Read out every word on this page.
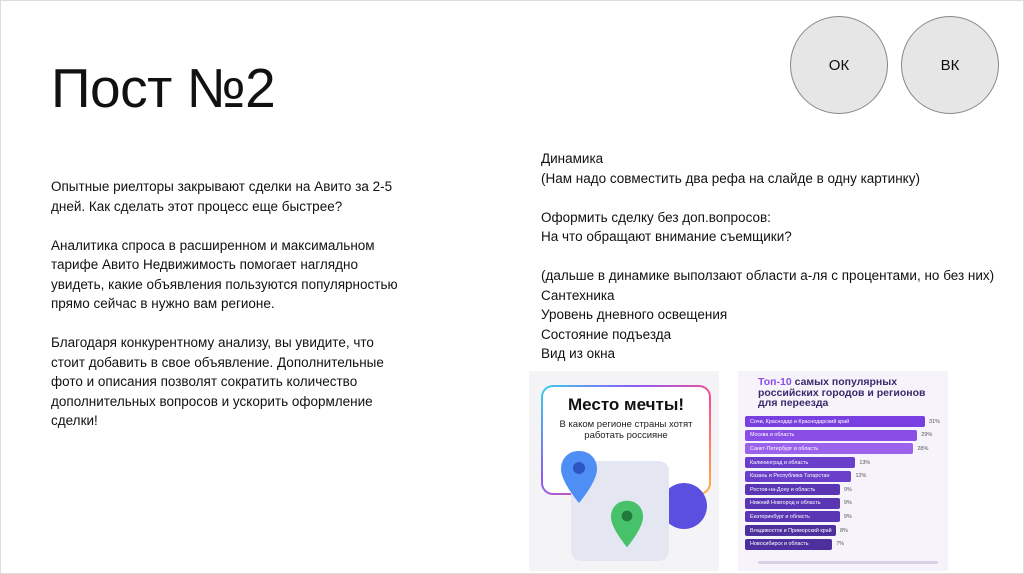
Пост №2	ОК	ВК

Опытные риелторы закрывают сделки на Авито за 2-5 дней. Как сделать этот процесс еще быстрее?

Аналитика спроса в расширенном и максимальном тарифе Авито Недвижимость помогает наглядно увидеть, какие объявления пользуются популярностью прямо сейчас в нужно вам регионе.

Благодаря конкурентному анализу, вы увидите, что стоит добавить в свое объявление. Дополнительные фото и описания позволят сократить количество дополнительных вопросов и ускорить оформление сделки!

Динамика
(Нам надо совместить два рефа на слайде в одну картинку)
Оформить сделку без доп.вопросов:
На что обращают внимание съемщики?
(дальше в динамике выползают области а-ля с процентами, но без них)
Сантехника
Уровень дневного освещения
Состояние подъезда
Вид из окна
Место мечты!
В каком регионе страны хотят работать россияне
Топ-10 самых популярных российских городов и регионов для переезда
Сочи, Краснодар и Краснодарский край	31%
Москва и область	29%
Санкт-Петербург и область	28%
Калининград и область	13%
Казань и Республика Татарстан	12%
Ростов-на-Дону и область	9%
Нижний Новгород и область	9%
Екатеринбург и область	9%
Владивосток и Приморский край	8%
Новосибирск и область	7%
